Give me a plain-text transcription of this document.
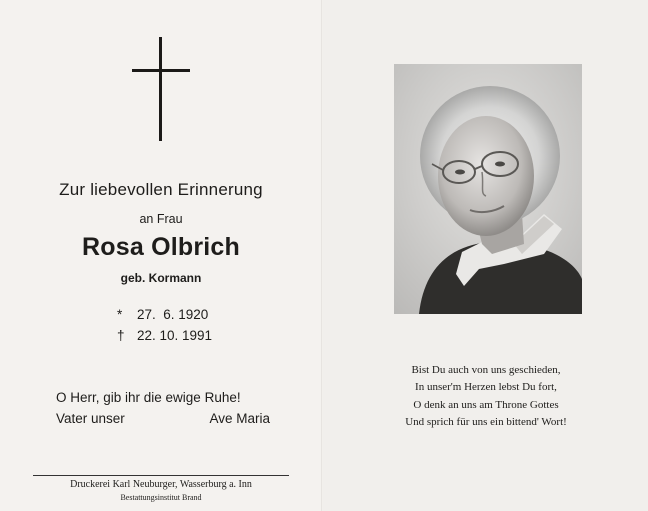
Zur liebevollen Erinnerung
an Frau
Rosa Olbrich
geb. Kormann
*	27.  6. 1920
† 22. 10. 1991
O Herr, gib ihr die ewige Ruhe!
Vater unser	Ave Maria
Druckerei Karl Neuburger, Wasserburg a. Inn
Bestattungsinstitut Brand
Bist Du auch von uns geschieden,
In unser'm Herzen lebst Du fort,
O denk an uns am Throne Gottes
Und sprich für uns ein bittend' Wort!
